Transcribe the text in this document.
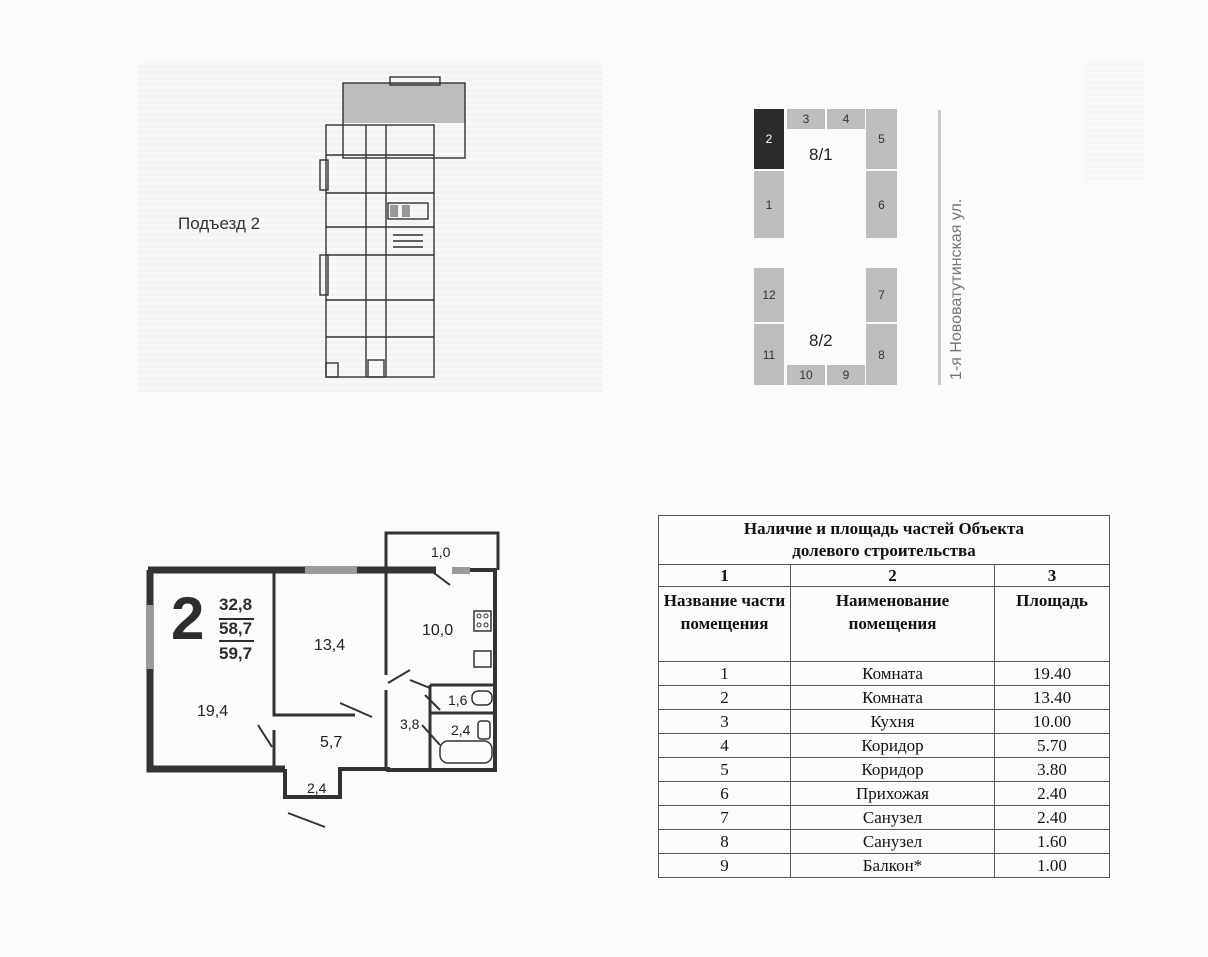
Подъезд 2
2
3	4
5
1	6
12	7
11	8
10 9
8/1
8/2	1-я Нововатутинская ул.
2 32,8
58,7
59,7
1,0
10,0
13,4
19,4
1,6
2,4
3,8
5,7
2,4
Наличие и площадь частей Объекта
долевого строительства		

1	2	3
Название части помещения	Наименование помещения	Площадь
1	Комната	19.40
2	Комната	13.40
3	Кухня	10.00
4	Коридор	5.70
5	Коридор	3.80
6	Прихожая	2.40
7	Санузел	2.40
8	Санузел	1.60
9	Балкон*	1.00
